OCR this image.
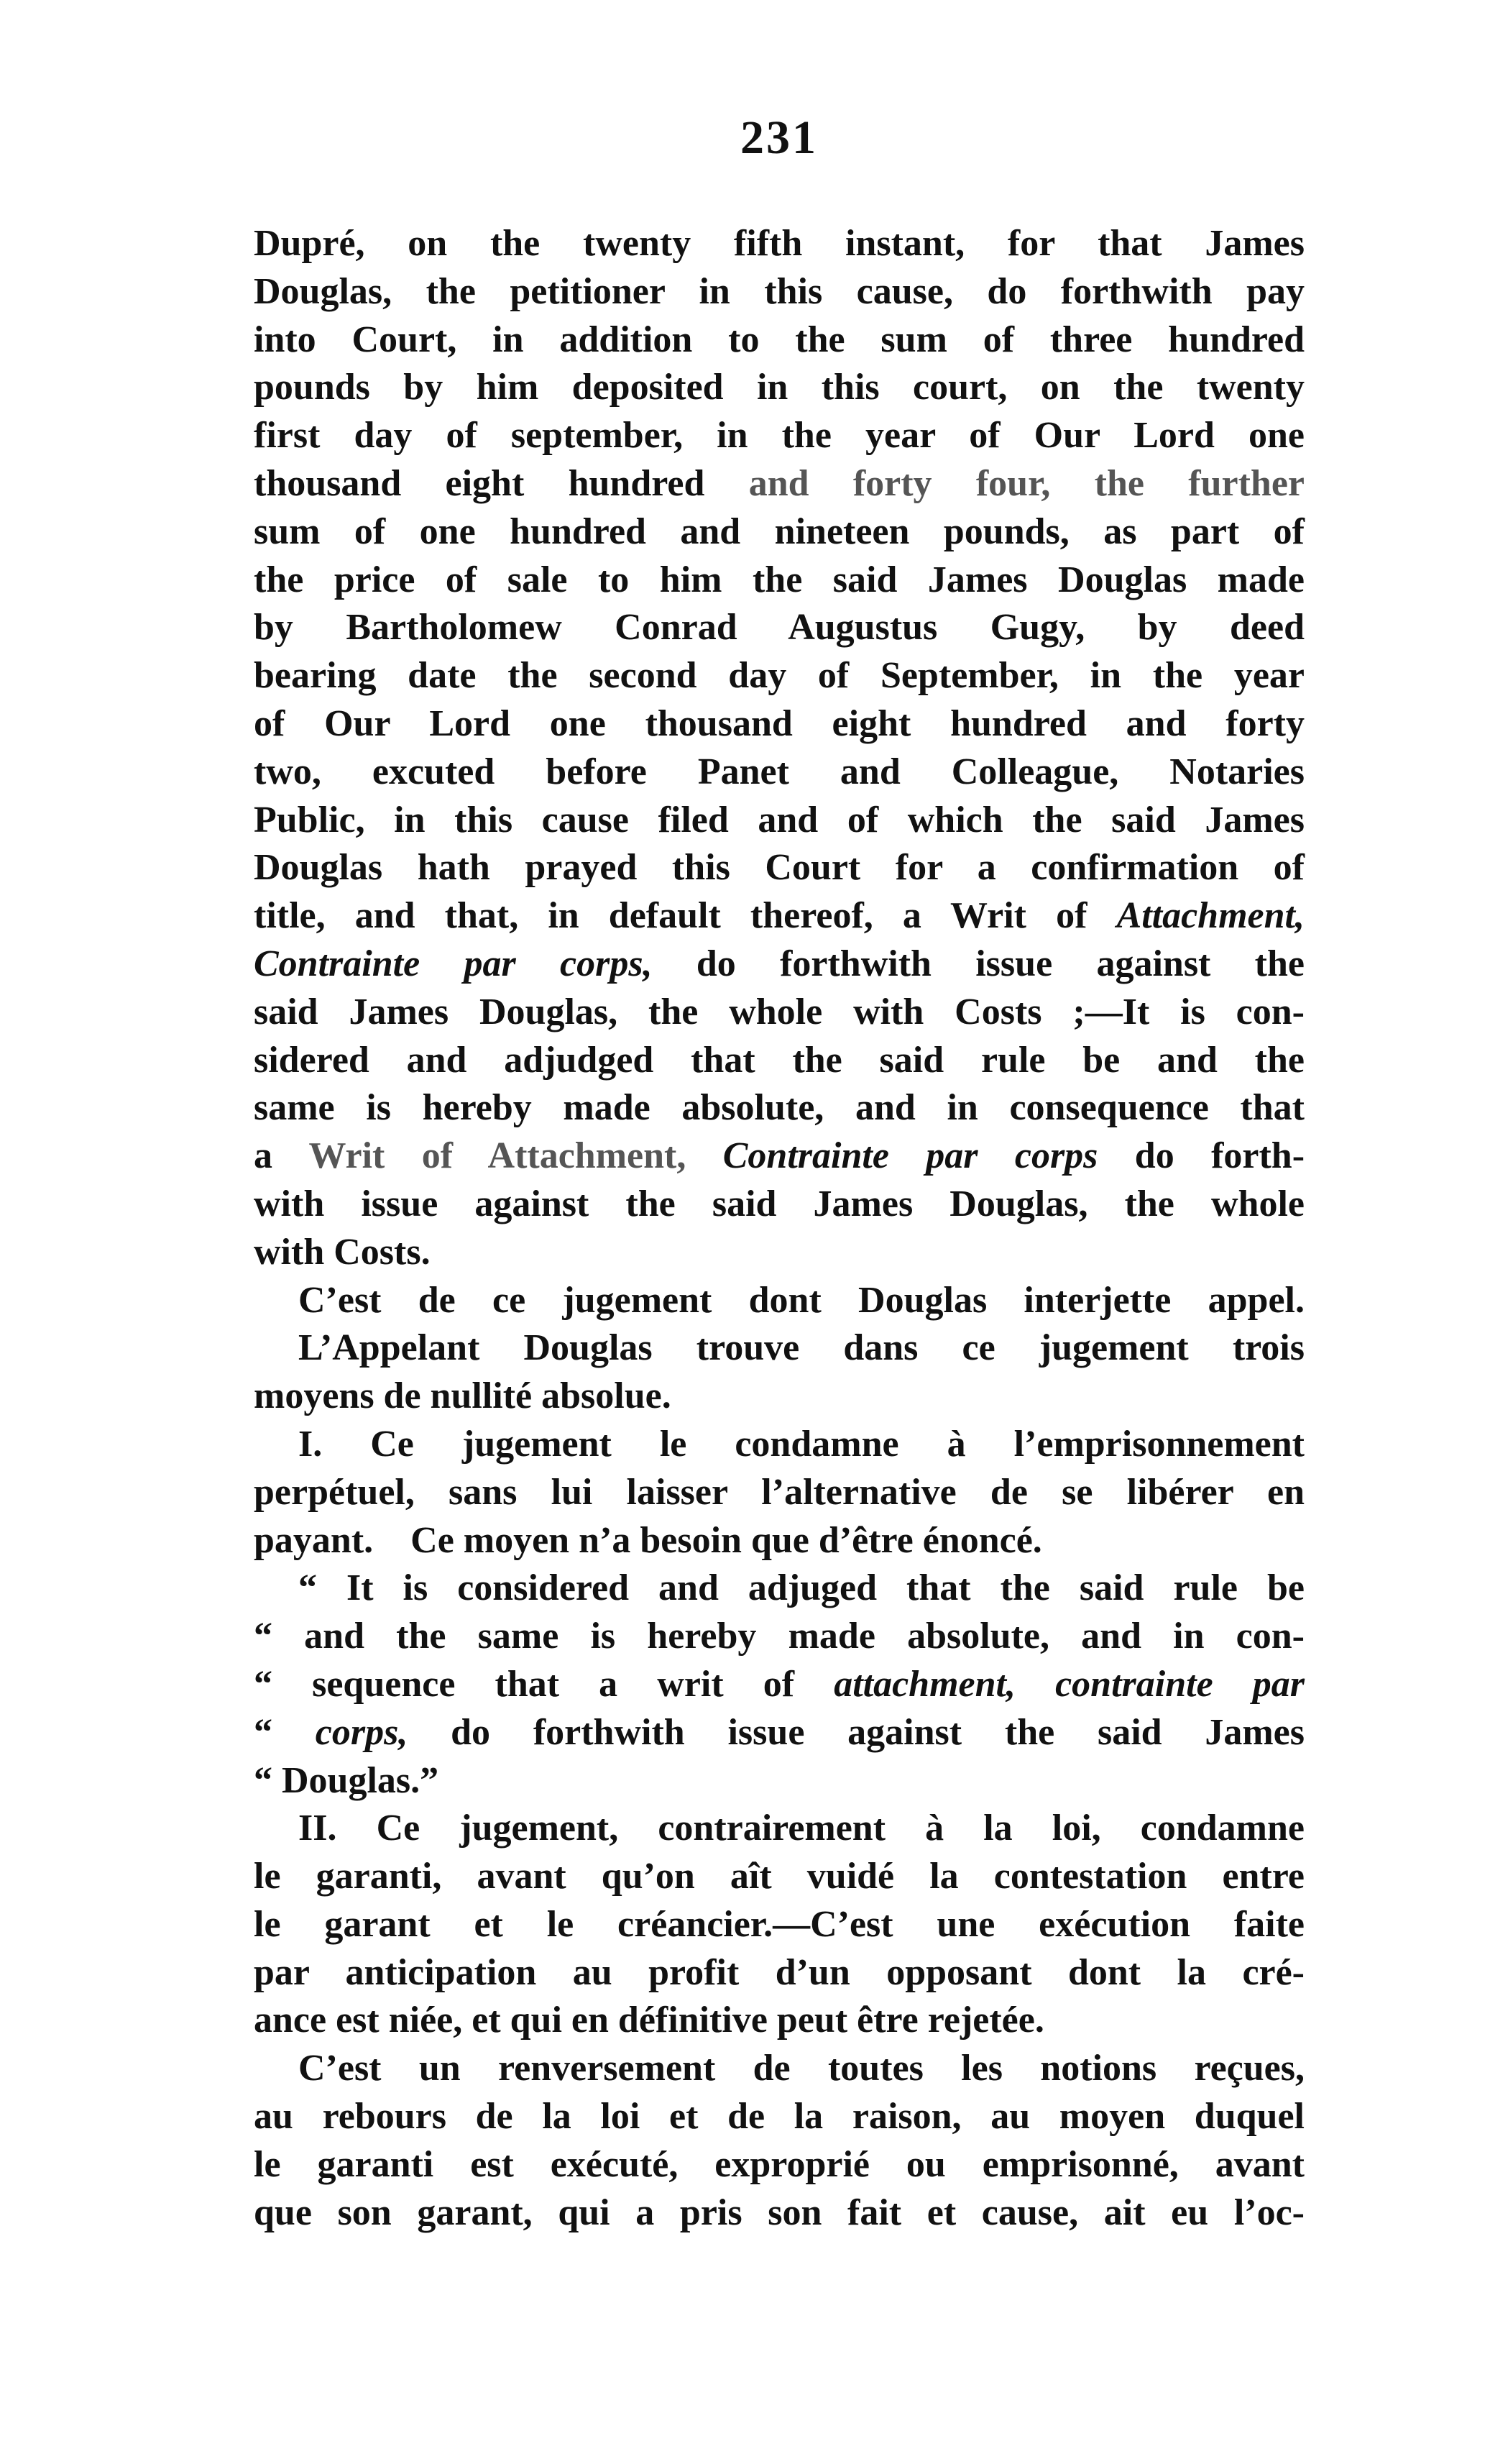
231
Dupré, on the twenty fifth instant, for that James
Douglas, the petitioner in this cause, do forthwith pay
into Court, in addition to the sum of three hundred
pounds by him deposited in this court, on the twenty
first day of september, in the year of Our Lord one
thousand eight hundred and forty four, the further
sum of one hundred and nineteen pounds, as part of
the price of sale to him the said James Douglas made
by Bartholomew Conrad Augustus Gugy, by deed
bearing date the second day of September, in the year
of Our Lord one thousand eight hundred and forty
two, excuted before Panet and Colleague, Notaries
Public, in this cause filed and of which the said James
Douglas hath prayed this Court for a confirmation of
title, and that, in default thereof, a Writ of Attachment,
Contrainte par corps, do forthwith issue against the
said James Douglas, the whole with Costs ;—It is con-
sidered and adjudged that the said rule be and the
same is hereby made absolute, and in consequence that
a Writ of Attachment, Contrainte par corps do forth-
with issue against the said James Douglas, the whole
with Costs.
C’est de ce jugement dont Douglas interjette appel.
L’Appelant Douglas trouve dans ce jugement trois
moyens de nullité absolue.
I. Ce jugement le condamne à l’emprisonnement
perpétuel, sans lui laisser l’alternative de se libérer en
payant. Ce moyen n’a besoin que d’être énoncé.
“ It is considered and adjuged that the said rule be
“ and the same is hereby made absolute, and in con-
“ sequence that a writ of attachment, contrainte par
“ corps, do forthwith issue against the said James
“ Douglas.”
II. Ce jugement, contrairement à la loi, condamne
le garanti, avant qu’on aît vuidé la contestation entre
le garant et le créancier.—C’est une exécution faite
par anticipation au profit d’un opposant dont la cré-
ance est niée, et qui en définitive peut être rejetée.
C’est un renversement de toutes les notions reçues,
au rebours de la loi et de la raison, au moyen duquel
le garanti est exécuté, exproprié ou emprisonné, avant
que son garant, qui a pris son fait et cause, ait eu l’oc-
